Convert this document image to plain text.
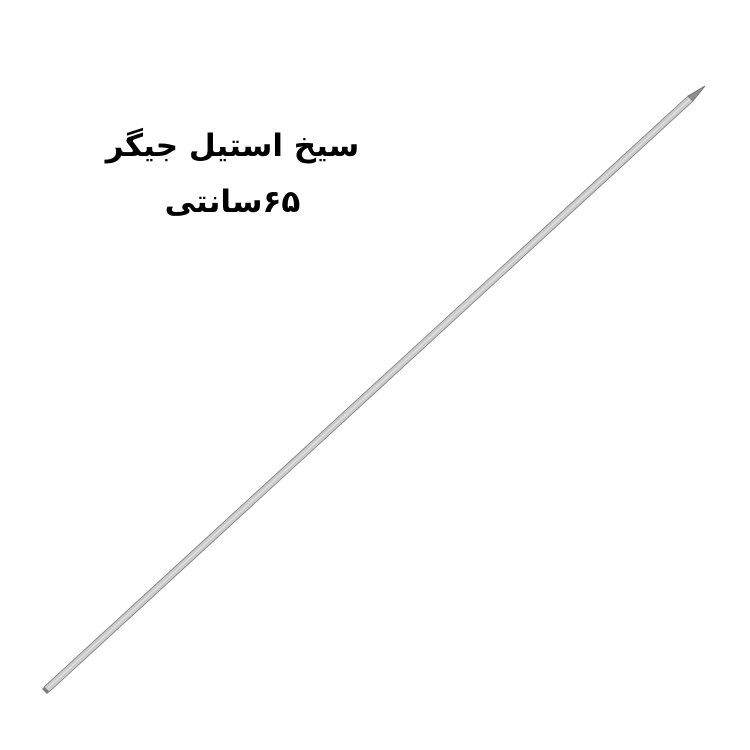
سیخ استیل جیگر
۶۵سانتی
